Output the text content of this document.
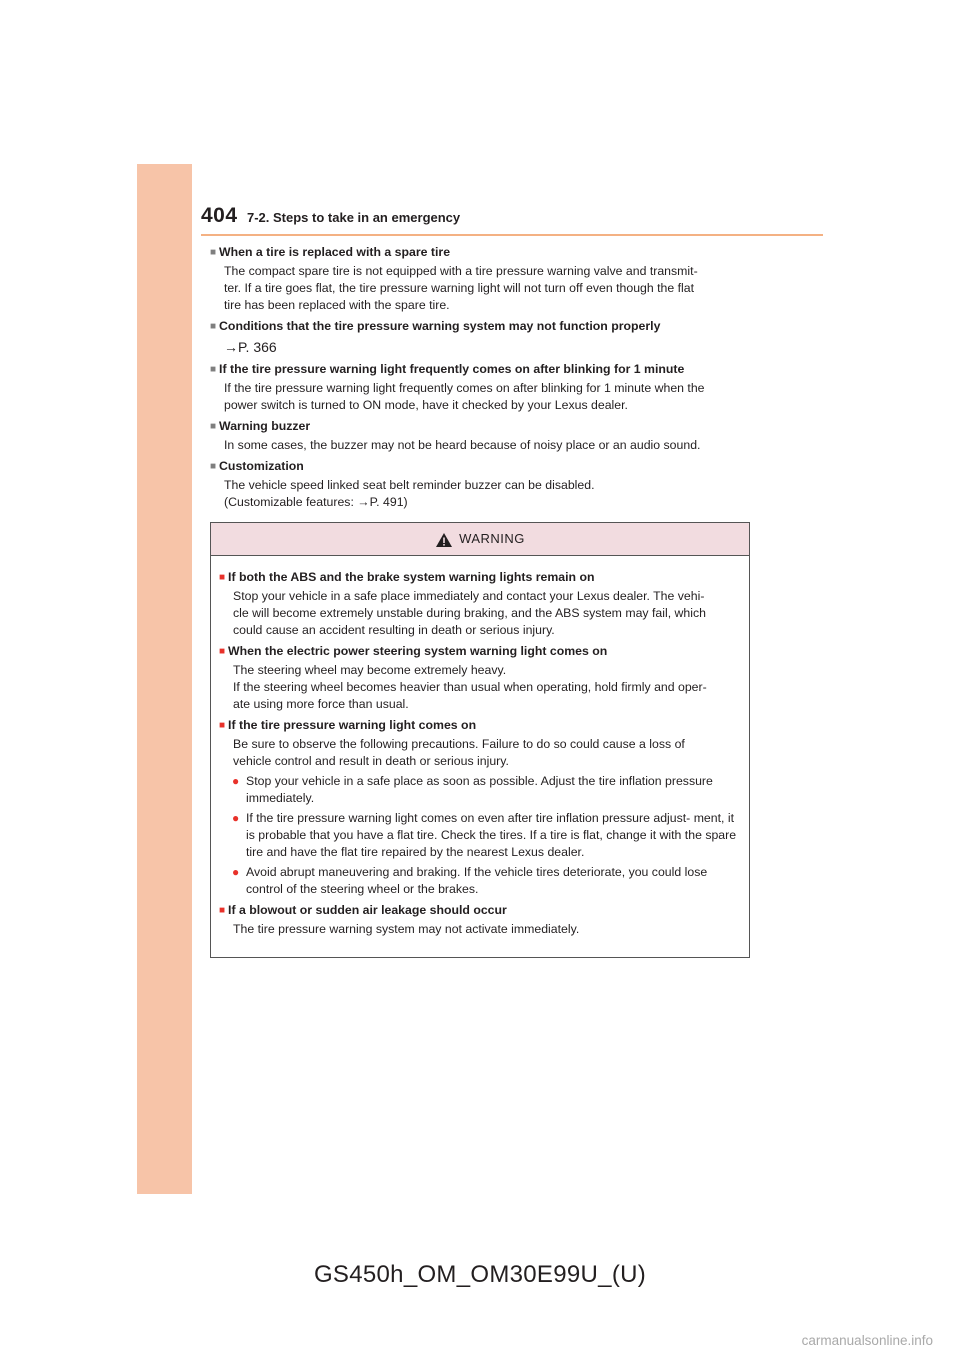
404 7-2. Steps to take in an emergency
■ When a tire is replaced with a spare tire

The compact spare tire is not equipped with a tire pressure warning valve and transmit-

ter. If a tire goes flat, the tire pressure warning light will not turn off even though the flat

tire has been replaced with the spare tire.

■ Conditions that the tire pressure warning system may not function properly

→P. 366

■ If the tire pressure warning light frequently comes on after blinking for 1 minute

If the tire pressure warning light frequently comes on after blinking for 1 minute when the

power switch is turned to ON mode, have it checked by your Lexus dealer.

■ Warning buzzer

In some cases, the buzzer may not be heard because of noisy place or an audio sound.

■ Customization

The vehicle speed linked seat belt reminder buzzer can be disabled.

(Customizable features: →P. 491)

WARNING
■ If both the ABS and the brake system warning lights remain on

Stop your vehicle in a safe place immediately and contact your Lexus dealer. The vehi-

cle will become extremely unstable during braking, and the ABS system may fail, which

could cause an accident resulting in death or serious injury.

■ When the electric power steering system warning light comes on

The steering wheel may become extremely heavy.

If the steering wheel becomes heavier than usual when operating, hold firmly and oper-

ate using more force than usual.

■ If the tire pressure warning light comes on

Be sure to observe the following precautions. Failure to do so could cause a loss of

vehicle control and result in death or serious injury.

● Stop your vehicle in a safe place as soon as possible. Adjust the tire inflation pressure immediately.
● If the tire pressure warning light comes on even after tire inflation pressure adjust- ment, it is probable that you have a flat tire. Check the tires. If a tire is flat, change it with the spare tire and have the flat tire repaired by the nearest Lexus dealer.
● Avoid abrupt maneuvering and braking. If the vehicle tires deteriorate, you could lose control of the steering wheel or the brakes.
■ If a blowout or sudden air leakage should occur

The tire pressure warning system may not activate immediately.

GS450h_OM_OM30E99U_(U)
carmanualsonline.info
